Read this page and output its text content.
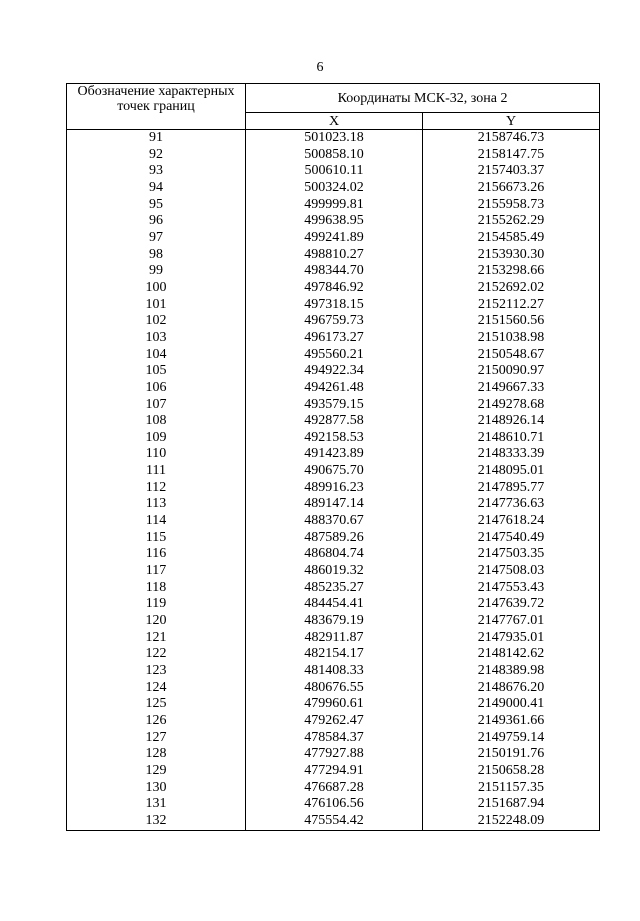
6
Обозначение характерных точек границ	Координаты МСК-32, зона 2	
	X	Y
91	501023.18	2158746.73
92	500858.10	2158147.75
93	500610.11	2157403.37
94	500324.02	2156673.26
95	499999.81	2155958.73
96	499638.95	2155262.29
97	499241.89	2154585.49
98	498810.27	2153930.30
99	498344.70	2153298.66
100	497846.92	2152692.02
101	497318.15	2152112.27
102	496759.73	2151560.56
103	496173.27	2151038.98
104	495560.21	2150548.67
105	494922.34	2150090.97
106	494261.48	2149667.33
107	493579.15	2149278.68
108	492877.58	2148926.14
109	492158.53	2148610.71
110	491423.89	2148333.39
111	490675.70	2148095.01
112	489916.23	2147895.77
113	489147.14	2147736.63
114	488370.67	2147618.24
115	487589.26	2147540.49
116	486804.74	2147503.35
117	486019.32	2147508.03
118	485235.27	2147553.43
119	484454.41	2147639.72
120	483679.19	2147767.01
121	482911.87	2147935.01
122	482154.17	2148142.62
123	481408.33	2148389.98
124	480676.55	2148676.20
125	479960.61	2149000.41
126	479262.47	2149361.66
127	478584.37	2149759.14
128	477927.88	2150191.76
129	477294.91	2150658.28
130	476687.28	2151157.35
131	476106.56	2151687.94
132	475554.42	2152248.09
